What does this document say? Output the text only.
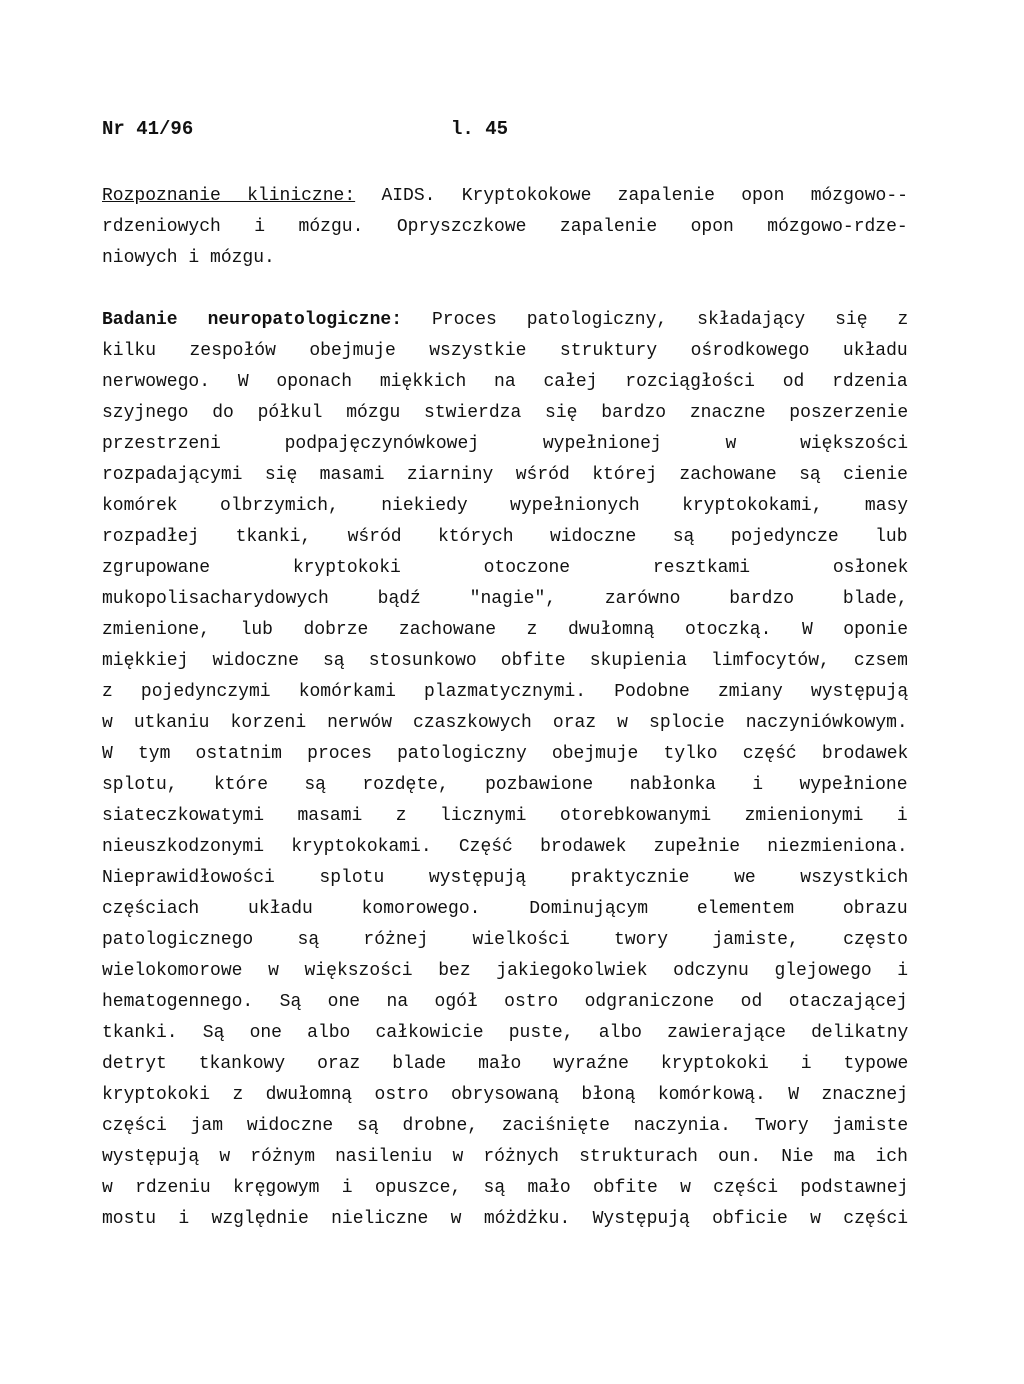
Nr 41/96	l. 45
Rozpoznanie kliniczne: AIDS. Kryptokokowe zapalenie opon mózgowo--
rdzeniowych i mózgu. Opryszczkowe zapalenie opon mózgowo-rdze-
niowych i mózgu.
Badanie neuropatologiczne: Proces patologiczny, składający się z
kilku zespołów obejmuje wszystkie struktury ośrodkowego układu
nerwowego. W oponach miękkich na całej rozciągłości od rdzenia
szyjnego do półkul mózgu stwierdza się bardzo znaczne poszerzenie
przestrzeni podpajęczynówkowej wypełnionej w większości
rozpadającymi się masami ziarniny wśród której zachowane są cienie
komórek olbrzymich, niekiedy wypełnionych kryptokokami, masy
rozpadłej tkanki, wśród których widoczne są pojedyncze lub
zgrupowane kryptokoki otoczone resztkami osłonek
mukopolisacharydowych bądź "nagie", zarówno bardzo blade,
zmienione, lub dobrze zachowane z dwułomną otoczką. W oponie
miękkiej widoczne są stosunkowo obfite skupienia limfocytów, czsem
z pojedynczymi komórkami plazmatycznymi. Podobne zmiany występują
w utkaniu korzeni nerwów czaszkowych oraz w splocie naczyniówkowym.
W tym ostatnim proces patologiczny obejmuje tylko część brodawek
splotu, które są rozdęte, pozbawione nabłonka i wypełnione
siateczkowatymi masami z licznymi otorebkowanymi zmienionymi i
nieuszkodzonymi kryptokokami. Część brodawek zupełnie niezmieniona.
Nieprawidłowości splotu występują praktycznie we wszystkich
częściach układu komorowego. Dominującym elementem obrazu
patologicznego są różnej wielkości twory jamiste, często
wielokomorowe w większości bez jakiegokolwiek odczynu glejowego i
hematogennego. Są one na ogół ostro odgraniczone od otaczającej
tkanki. Są one albo całkowicie puste, albo zawierające delikatny
detryt tkankowy oraz blade mało wyraźne kryptokoki i typowe
kryptokoki z dwułomną ostro obrysowaną błoną komórkową. W znacznej
części jam widoczne są drobne, zaciśnięte naczynia. Twory jamiste
występują w różnym nasileniu w różnych strukturach oun. Nie ma ich
w rdzeniu kręgowym i opuszce, są mało obfite w części podstawnej
mostu i względnie nieliczne w móżdżku. Występują obficie w części
